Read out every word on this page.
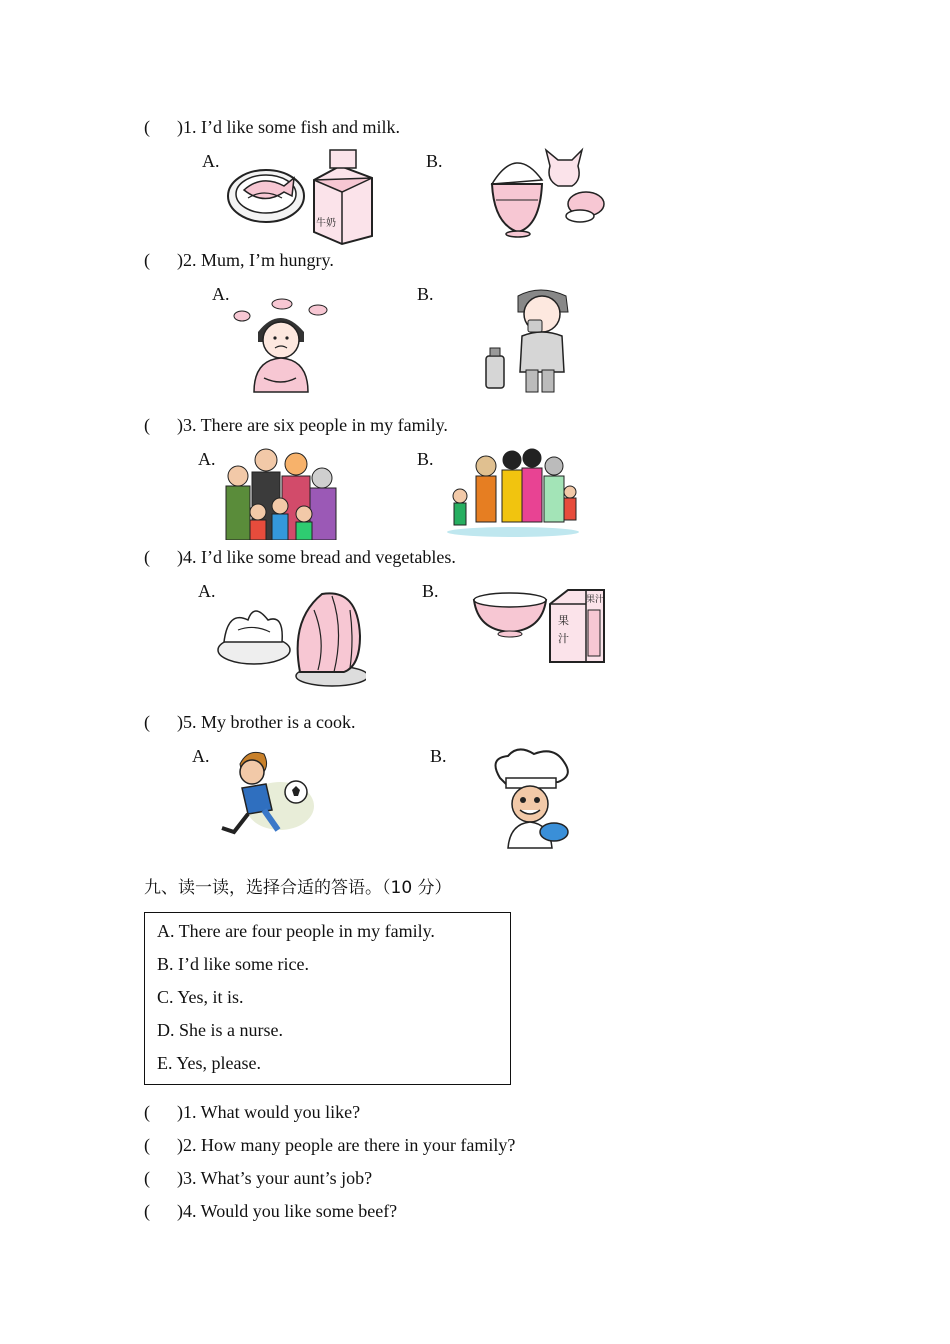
(      )1. I’d like some fish and milk.
A.	B.
牛奶
(      )2. Mum, I’m hungry.
A.	B.
(      )3. There are six people in my family.
A.	B.
(      )4. I’d like some bread and vegetables.
A.	B.	果汁
果
汁
(      )5. My brother is a cook.
A.	B.
九、读一读，选择合适的答语。（10 分）
A. There are four people in my family.
B. I’d like some rice.
C. Yes, it is.
D. She is a nurse.
E. Yes, please.
(      )1. What would you like?
(      )2. How many people are there in your family?
(      )3. What’s your aunt’s job?
(      )4. Would you like some beef?
